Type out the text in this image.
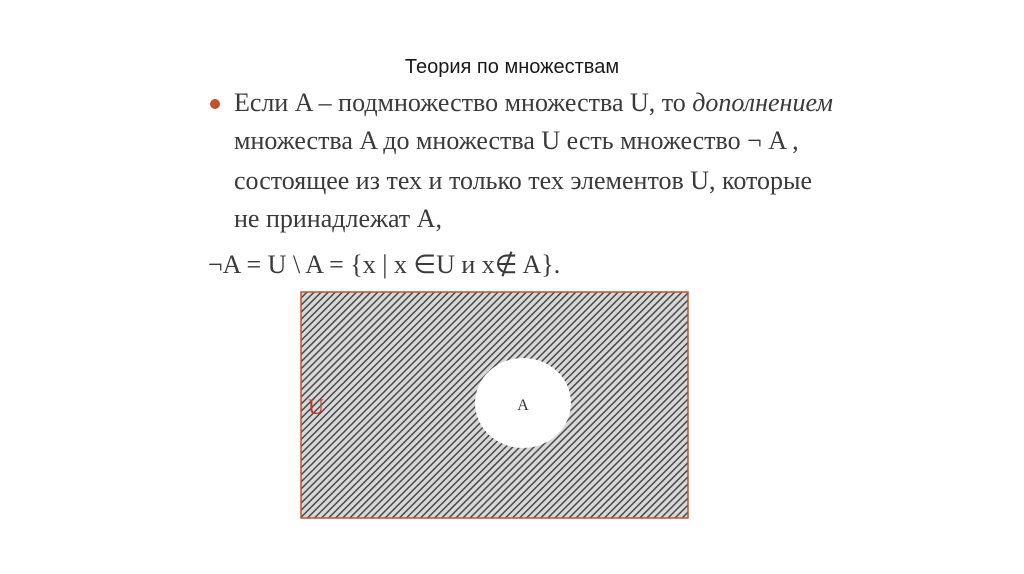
Теория по множествам
Если A – подмножество множества U, то дополнением
множества A до множества U есть множество ¬ A ,
состоящее из тех и только тех элементов U, которые
не принадлежат A,
¬A = U \ A = {x | x ∈U и x∉ A}.
A
U
